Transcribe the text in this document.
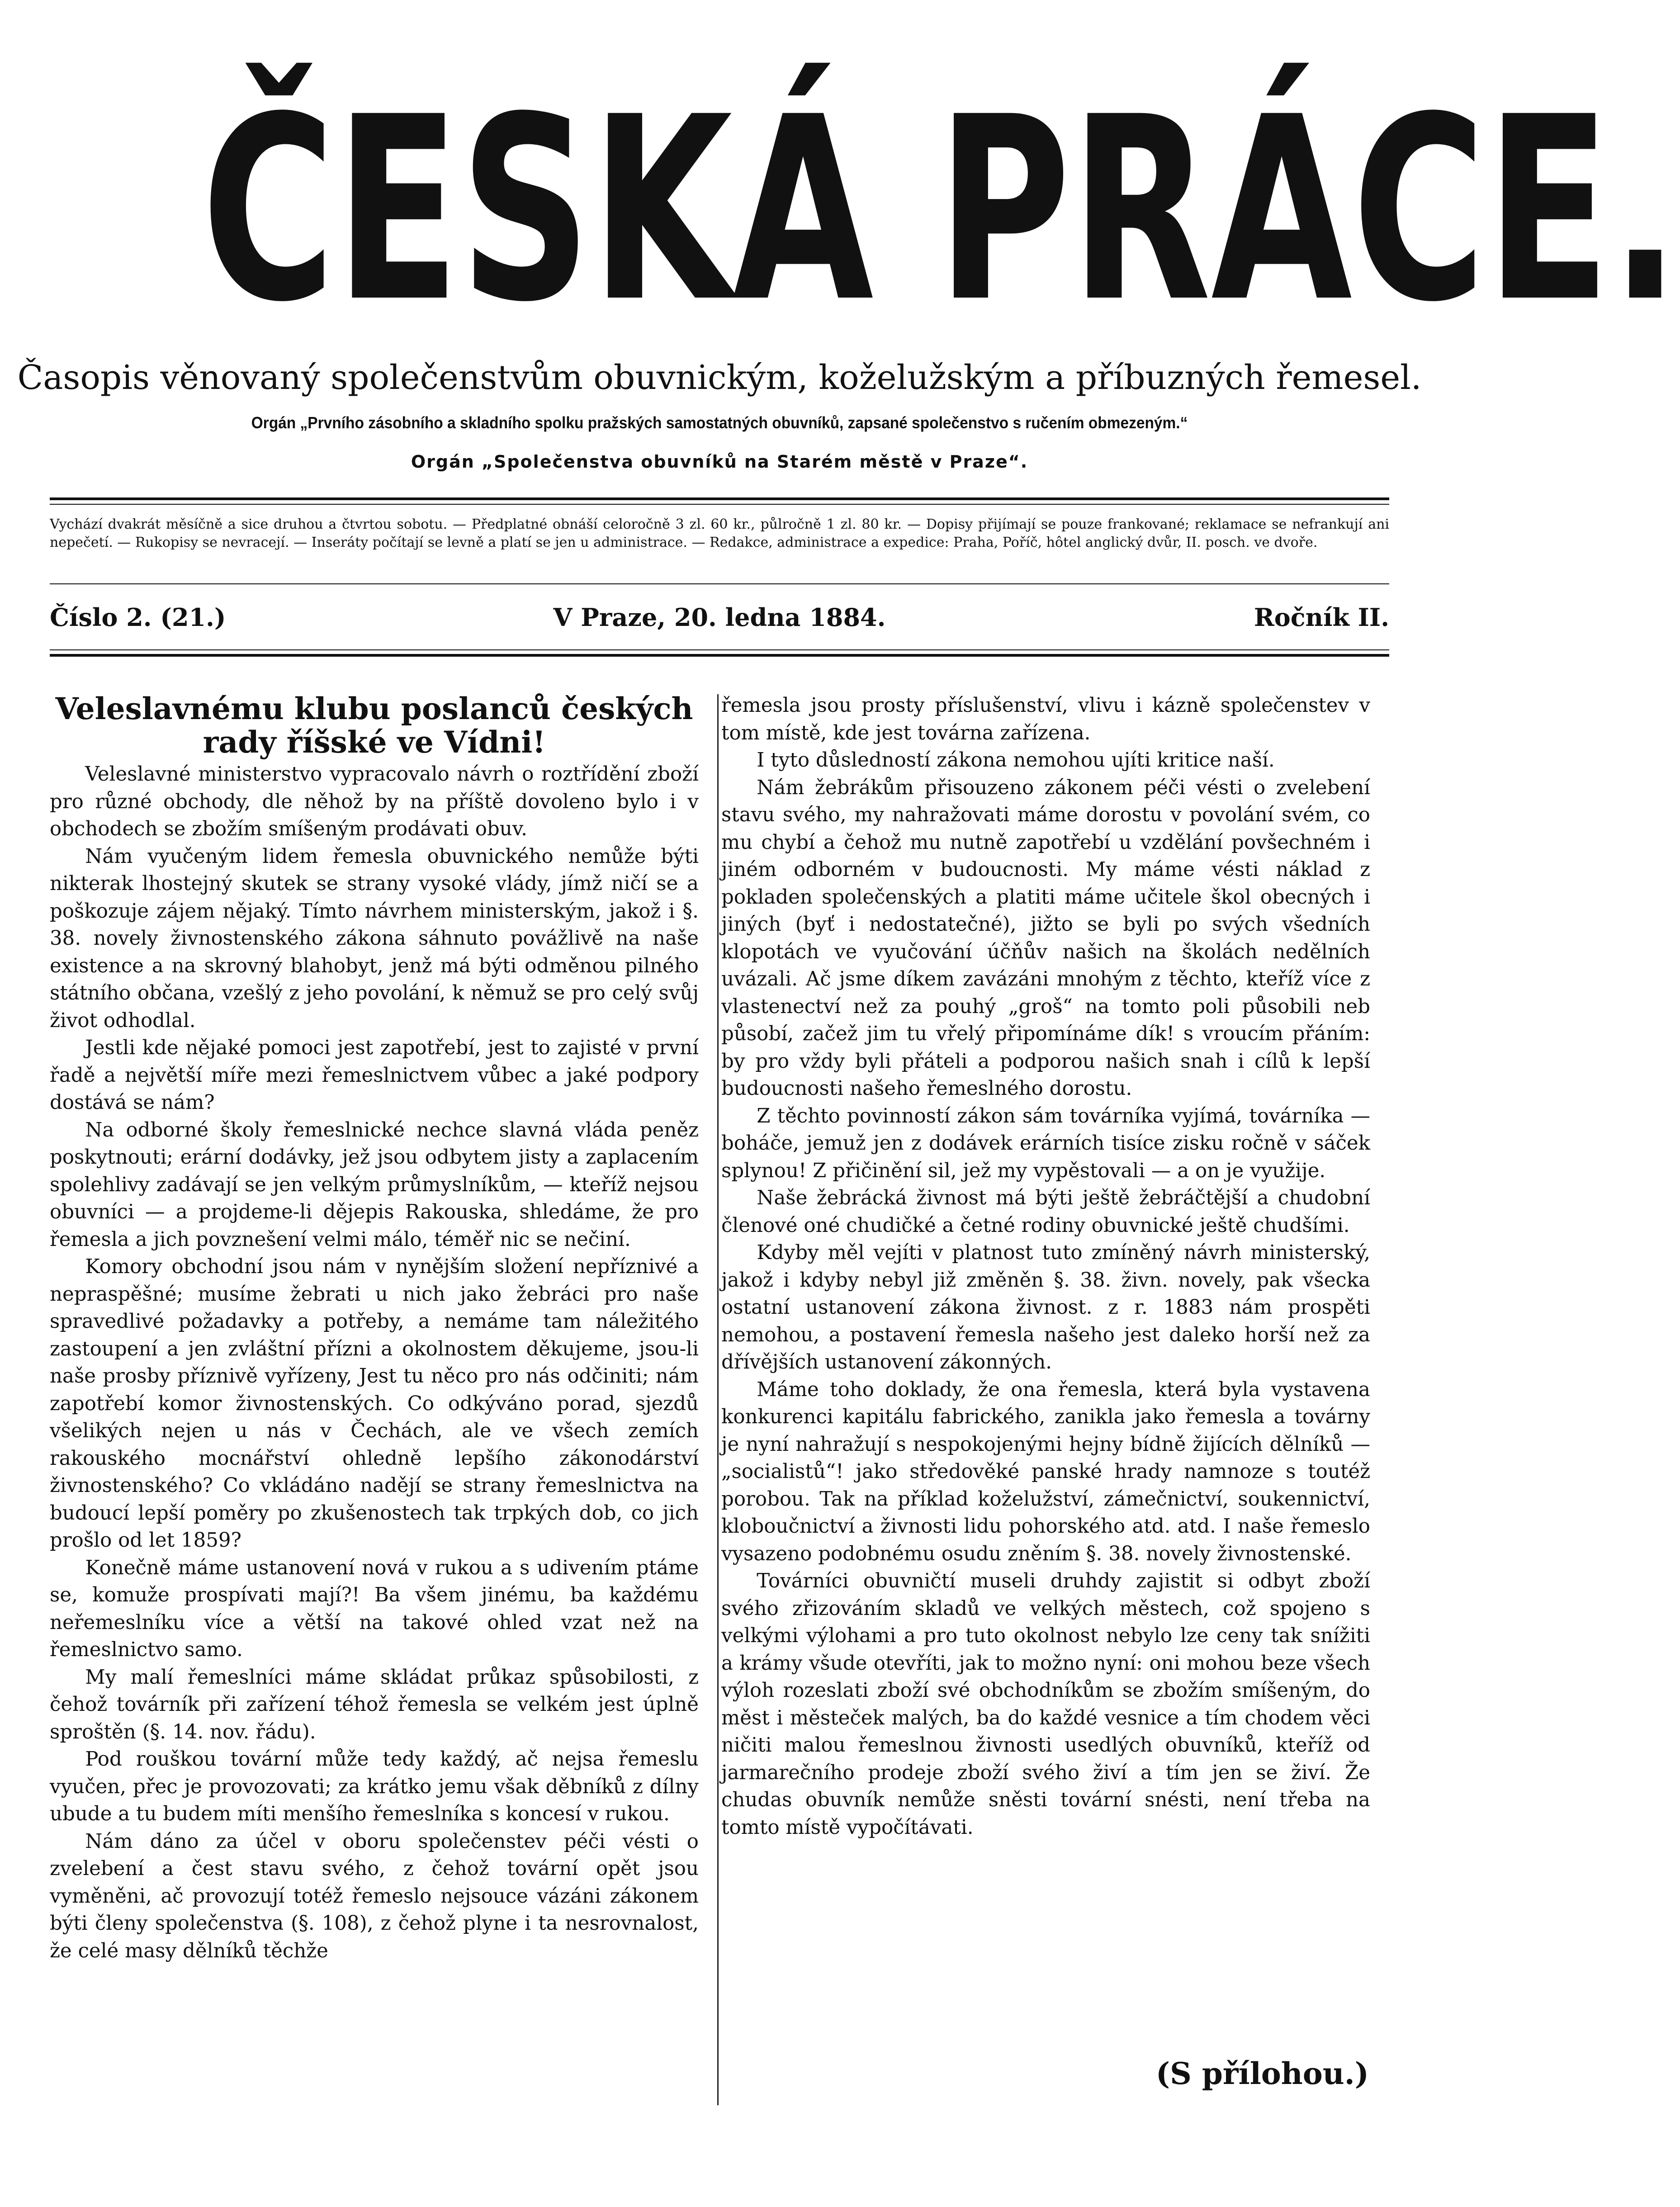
ČESKÁ PRÁCE.
Časopis věnovaný společenstvům obuvnickým, koželužským a příbuzných řemesel.
Orgán „Prvního zásobního a skladního spolku pražských samostatných obuvníků, zapsané společenstvo s ručením obmezeným.“
Orgán „Společenstva obuvníků na Starém městě v Praze“.
Vychází dvakrát měsíčně a sice druhou a čtvrtou sobotu. — Předplatné obnáší celoročně 3 zl. 60 kr., půlročně 1 zl. 80 kr. — Dopisy přijímají se pouze frankované; reklamace se nefrankují ani nepečetí. — Rukopisy se nevracejí. — Inseráty počítají se levně a platí se jen u administrace. — Redakce, administrace a expedice: Praha, Poříč, hôtel anglický dvůr, II. posch. ve dvoře.
Číslo 2. (21.)	V Praze, 20. ledna 1884.	Ročník II.
Veleslavnému klubu poslanců českých rady říšské ve Vídni!

Veleslavné ministerstvo vypracovalo návrh o roztřídění zboží pro různé obchody, dle něhož by na příště dovoleno bylo i v obchodech se zbožím smíšeným prodávati obuv.

Nám vyučeným lidem řemesla obuvnického nemůže býti nikterak lhostejný skutek se strany vysoké vlády, jímž ničí se a poškozuje zájem nějaký. Tímto návrhem ministerským, jakož i §. 38. novely živnostenského zákona sáhnuto povážlivě na naše existence a na skrovný blahobyt, jenž má býti odměnou pilného státního občana, vzešlý z jeho povolání, k němuž se pro celý svůj život odhodlal.

Jestli kde nějaké pomoci jest zapotřebí, jest to zajisté v první řadě a největší míře mezi řemeslnictvem vůbec a jaké podpory dostává se nám?

Na odborné školy řemeslnické nechce slavná vláda peněz poskytnouti; erární dodávky, jež jsou odbytem jisty a zaplacením spolehlivy zadávají se jen velkým průmyslníkům, — kteříž nejsou obuvníci — a projdeme-li dějepis Rakouska, shledáme, že pro řemesla a jich povznešení velmi málo, téměř nic se nečiní.

Komory obchodní jsou nám v nynějším složení nepříznivé a nepraspěšné; musíme žebrati u nich jako žebráci pro naše spravedlivé požadavky a potřeby, a nemáme tam náležitého zastoupení a jen zvláštní přízni a okolnostem děkujeme, jsou-li naše prosby příznivě vyřízeny, Jest tu něco pro nás odčiniti; nám zapotřebí komor živnostenských. Co odkýváno porad, sjezdů všelikých nejen u nás v Čechách, ale ve všech zemích rakouského mocnářství ohledně lepšího zákonodárství živnostenského? Co vkládáno nadějí se strany řemeslnictva na budoucí lepší poměry po zkušenostech tak trpkých dob, co jich prošlo od let 1859?

Konečně máme ustanovení nová v rukou a s udivením ptáme se, komuže prospívati mají?! Ba všem jinému, ba každému neřemeslníku více a větší na takové ohled vzat než na řemeslnictvo samo.

My malí řemeslníci máme skládat průkaz spůsobilosti, z čehož továrník při zařízení téhož řemesla se velkém jest úplně sproštěn (§. 14. nov. řádu).

Pod rouškou tovární může tedy každý, ač nejsa řemeslu vyučen, přec je provozovati; za krátko jemu však děbníků z dílny ubude a tu budem míti menšího řemeslníka s koncesí v rukou.

Nám dáno za účel v oboru společenstev péči vésti o zvelebení a čest stavu svého, z čehož tovární opět jsou vyměněni, ač provozují totéž řemeslo nejsouce vázáni zákonem býti členy společenstva (§. 108), z čehož plyne i ta nesrovnalost, že celé masy dělníků těchže

řemesla jsou prosty příslušenství, vlivu i kázně společenstev v tom místě, kde jest továrna zařízena.

I tyto důsledností zákona nemohou ujíti kritice naší.

Nám žebrákům přisouzeno zákonem péči vésti o zvelebení stavu svého, my nahražovati máme dorostu v povolání svém, co mu chybí a čehož mu nutně zapotřebí u vzdělání povšechném i jiném odborném v budoucnosti. My máme vésti náklad z pokladen společenských a platiti máme učitele škol obecných i jiných (byť i nedostatečné), jižto se byli po svých všedních klopotách ve vyučování účňův našich na školách nedělních uvázali. Ač jsme díkem zavázáni mnohým z těchto, kteříž více z vlastenectví než za pouhý „groš“ na tomto poli působili neb působí, začež jim tu vřelý připomínáme dík! s vroucím přáním: by pro vždy byli přáteli a podporou našich snah i cílů k lepší budoucnosti našeho řemeslného dorostu.

Z těchto povinností zákon sám továrníka vyjímá, továrníka — boháče, jemuž jen z dodávek erárních tisíce zisku ročně v sáček splynou! Z přičinění sil, jež my vypěstovali — a on je využije.

Naše žebrácká živnost má býti ještě žebráčtější a chudobní členové oné chudičké a četné rodiny obuvnické ještě chudšími.

Kdyby měl vejíti v platnost tuto zmíněný návrh ministerský, jakož i kdyby nebyl již změněn §. 38. živn. novely, pak všecka ostatní ustanovení zákona živnost. z r. 1883 nám prospěti nemohou, a postavení řemesla našeho jest daleko horší než za dřívějších ustanovení zákonných.

Máme toho doklady, že ona řemesla, která byla vystavena konkurenci kapitálu fabrického, zanikla jako řemesla a továrny je nyní nahražují s nespokojenými hejny bídně žijících dělníků — „socialistů“! jako středověké panské hrady namnoze s toutéž porobou. Tak na příklad koželužství, zámečnictví, soukennictví, kloboučnictví a živnosti lidu pohorského atd. atd. I naše řemeslo vysazeno podobnému osudu zněním §. 38. novely živnostenské.

Továrníci obuvničtí museli druhdy zajistit si odbyt zboží svého zřizováním skladů ve velkých městech, což spojeno s velkými výlohami a pro tuto okolnost nebylo lze ceny tak snížiti a krámy všude otevříti, jak to možno nyní: oni mohou beze všech výloh rozeslati zboží své obchodníkům se zbožím smíšeným, do měst i městeček malých, ba do každé vesnice a tím chodem věci ničiti malou řemeslnou živnosti usedlých obuvníků, kteříž od jarmarečního prodeje zboží svého živí a tím jen se živí. Že chudas obuvník nemůže sněsti tovární snésti, není třeba na tomto místě vypočítávati.

(S přílohou.)
